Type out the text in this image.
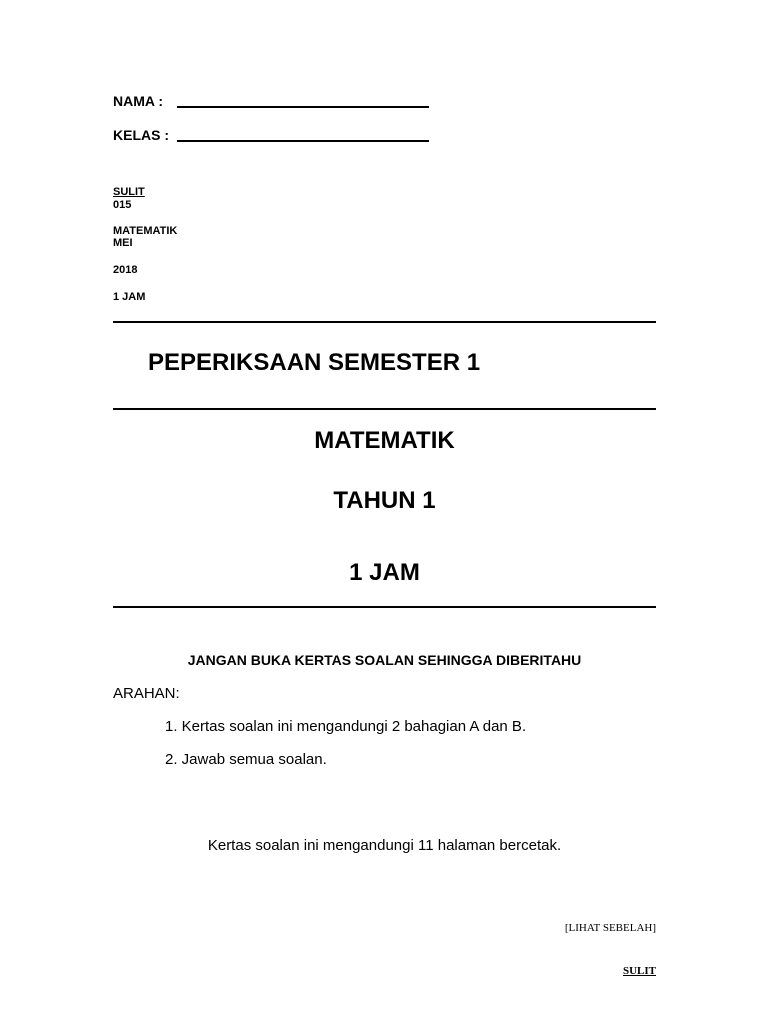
NAMA :
KELAS :
SULIT
015
MATEMATIK
MEI
2018
1 JAM
PEPERIKSAAN SEMESTER 1
MATEMATIK
TAHUN 1
1 JAM
JANGAN BUKA KERTAS SOALAN SEHINGGA DIBERITAHU
ARAHAN:
1. Kertas soalan ini mengandungi 2 bahagian A dan B.
2. Jawab semua soalan.
Kertas soalan ini mengandungi 11 halaman bercetak.
[LIHAT SEBELAH]
SULIT
